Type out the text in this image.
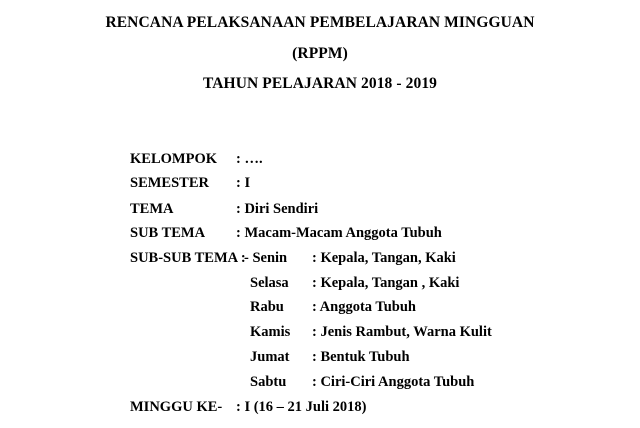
RENCANA PELAKSANAAN PEMBELAJARAN MINGGUAN
(RPPM)
TAHUN PELAJARAN 2018 - 2019
KELOMPOK : ….
SEMESTER : I
TEMA	: Diri Sendiri
SUB TEMA : Macam-Macam Anggota Tubuh
SUB-SUB TEMA :
- Senin : Kepala, Tangan, Kaki
Selasa : Kepala, Tangan , Kaki
Rabu : Anggota Tubuh
Kamis : Jenis Rambut, Warna Kulit
Jumat : Bentuk Tubuh
Sabtu : Ciri-Ciri Anggota Tubuh
MINGGU KE- : I (16 – 21 Juli 2018)
